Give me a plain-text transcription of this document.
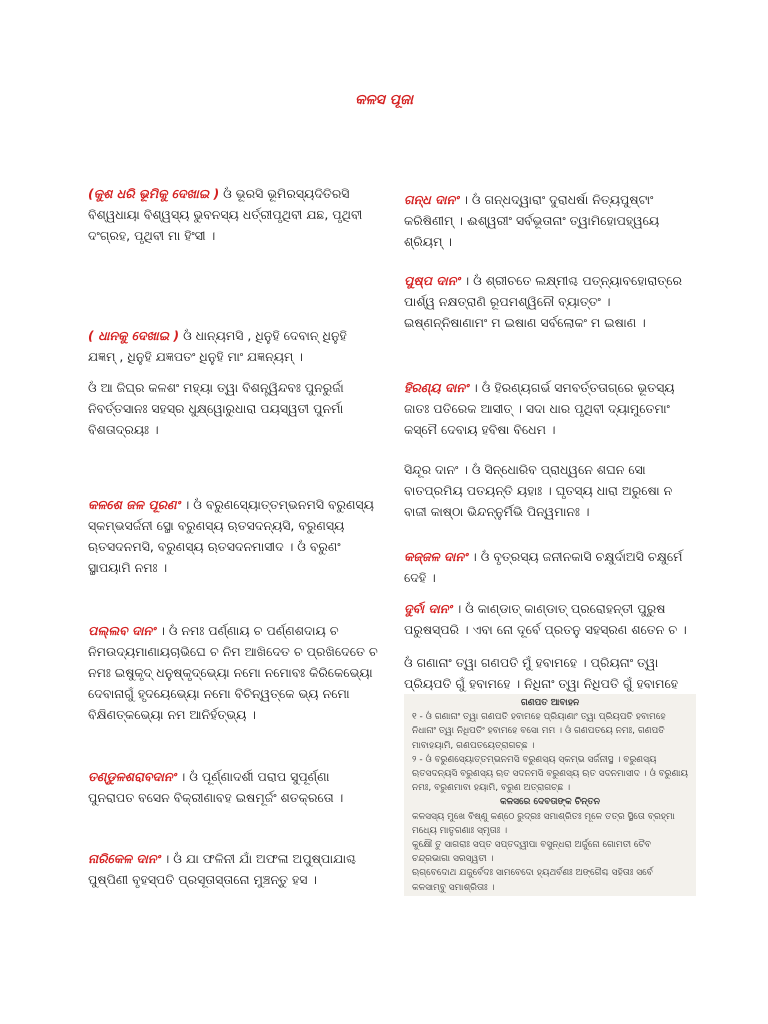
କଳସ ପୂଜା
(କୁଶ ଧରି ଭୂମିକୁ ଦେଖାଇ ) ଓଁ ଭୂରସି ଭୂମିରସ୍ୟଦିତିରସି ବିଶ୍ୱଧାୟା ବିଶ୍ୱସ୍ୟ ଭୁବନସ୍ୟ ଧର୍ତ୍ରୀପୃଥିବୀ ଯଛ, ପୃଥିବୀ ଦଂଗ୍ରହ, ପୃଥିବୀ ମା ହିଂସୀ ।
( ଧାନକୁ ଦେଖାଇ ) ଓଁ ଧାନ୍ୟମସି , ଧିନୁହି ଦେବାନ୍ ଧିନୁହି ଯଜ୍ଞମ୍ , ଧିନୁହି ଯଜ୍ଞପତଂ ଧିନୁହି ମାଂ ଯଜ୍ଞନ୍ୟମ୍ ।
ଓଁ ଆ ଜିଘ୍ର କଳଶଂ ମହ୍ୟା ତ୍ୱା ବିଶନ୍ତ୍ୱିନ୍ଦବଃ ପୁନରୁର୍ଜା ନିବର୍ତ୍ତସାନଃ ସହସ୍ର ଧୁକ୍ଷ୍ୱୋରୁଧାରା ପୟସ୍ୱତୀ ପୁନର୍ମା ବିଶତାଦ୍ରୟଃ ।
କଳଶେ ଜଳ ପୂରଣଂ । ଓଁ ବରୁଣସ୍ୟୋତ୍ତମ୍ଭନମସି ବରୁଣସ୍ୟ ସ୍କମ୍ଭସର୍ଜନୀ ସ୍ଥୋ ବରୁଣସ୍ୟ ଋତସଦନ୍ୟସି, ବରୁଣସ୍ୟ ଋତସଦନମସି, ବରୁଣସ୍ୟ ଋତସଦନମାସୀଦ । ଓଁ ବରୁଣଂ ସ୍ଥାପୟାମି ନମଃ ।
ପଲ୍ଲବ ଦାନଂ । ଓଁ ନମଃ ପର୍ଣ୍ଣାୟ ଚ ପର୍ଣ୍ଣଶଦାୟ ଚ ନିମଉଦ୍ୟମାଣାୟଚାଭିଘେ ଚ ନିମ ଆଖିଦେତ ଚ ପ୍ରଖିଦେତେ ଚ ନମଃ ଇଷୁକୃଦ୍ ଧନୁଷ୍କୃଦ୍‌ଭ୍ୟୋ ନମୋ ନମୋବଃ କିରିକେଭ୍ୟୋ ଦେବାନାଗୁଁ ହୃଦୟେଭ୍ୟୋ ନମୋ ବିଚିନ୍ୱତ୍କେ ଭ୍ୟ ନମୋ ବିକ୍ଷିଣତ୍କଭ୍ୟୋ ନମ ଆନିର୍ହତ୍ଭ୍ୟ ।
ତଣ୍ଡୁଳଶରାବଦାନଂ । ଓଁ ପୂର୍ଣ୍ଣାଦର୍ଶୀ ପରାପ ସୁପୂର୍ଣ୍ଣା ପୁନରାପତ ବସେନ ବିକ୍ରୀଣାବହ ଇଷମୂର୍ଜଂ ଶତକ୍ରତୋ ।
ନାରିକେଳ ଦାନଂ । ଓଁ ଯା ଫଳିନୀ ଯାଁ ଅଫଳା ଅପୁଷ୍ପାଯାଶ୍ଚ ପୁଷ୍ପିଣୀ ବୃହସ୍ପତି ପ୍ରସୂତାସ୍ତାନୋ ମୁଞ୍ଚନ୍ତୁ ହସ ।
ଗନ୍ଧ ଦାନଂ । ଓଁ ଗନ୍ଧଦ୍ୱାରାଂ ଦୁରାଧର୍ଷା ନିତ୍ୟପୁଷ୍ଟାଂ କରିଷିଣୀମ୍ । ଈଶ୍ୱରୀଂ ସର୍ବଭୂତାନାଂ ତ୍ୱାମିହୋପହ୍ୱୟେ ଶ୍ରିୟମ୍ ।
ପୁଷ୍ପ ଦାନଂ । ଓଁ ଶ୍ରୀଚତେ ଲକ୍ଷ୍ମୀଶ୍ଚ ପତ୍ନ୍ୟାବହୋରାତ୍ରେ ପାର୍ଶ୍ୱ ନକ୍ଷତ୍ରାଣି ରୂପମଶ୍ୱିନୌ ବ୍ୟାତ୍ତଂ । ଇଷ୍ଣନ୍ନିଷାଣାମଂ ମ ଇଷାଣ ସର୍ବଲୋକଂ ମ ଇଷାଣ ।
ହିରଣ୍ୟ ଦାନଂ । ଓଁ ହିରଣ୍ୟଗର୍ଭ ସମବର୍ତ୍ତତାଗ୍ରେ ଭୂତସ୍ୟ ଜାତଃ ପତିରେକ ଆସୀତ୍ । ସଦା ଧାର ପୃଥିବୀ ଦ୍ୟାମୁତେମାଂ କସ୍ମୈ ଦେବାୟ ହବିଷା ବିଧେମ ।
ସିନ୍ଦୂର ଦାନଂ । ଓଁ ସିନ୍ଧୋରିବ ପ୍ରାଧ୍ୱନେ ଶଘନ ସୋ ବାତପ୍ରମିୟ ପତୟନ୍ତି ୟହାଃ । ଘୃତସ୍ୟ ଧାରା ଅରୁଷୋ ନ ବାଜୀ କାଷ୍ଠା ଭିନ୍ଦନ୍ନୁର୍ମିଭି ପିନ୍ୱମାନଃ ।
କଜ୍ଜଳ ଦାନଂ । ଓଁ ବୃତ୍ରସ୍ୟ ଜନୀନକାସି ଚକ୍ଷୁର୍ଦାଅସି ଚକ୍ଷୁର୍ମେ ଦେହି ।
ଦୁର୍ବା ଦାନଂ । ଓଁ କାଣ୍ଡାତ୍ କାଣ୍ଡାତ୍ ପ୍ରରୋହନ୍ତୀ ପୁରୁଷ ପରୁଷସ୍ପରି । ଏବା ନୋ ଦୂର୍ବେ ପ୍ରତନୁ ସହସ୍ରଣ ଶତେନ ଚ ।
ଓଁ ଗଣାନାଂ ତ୍ୱା ଗଣପତି ମୁଁ ହବାମହେ । ପ୍ରିୟନାଂ ତ୍ୱା ପ୍ରିୟପତି ଗୁଁ ହବାମହେ । ନିଧିନାଂ ତ୍ୱା ନିଧିପତି ଗୁଁ ହବାମହେ
ଗଣପତ ଆବାହନ

୧ - ଓଁ ଗଣାନାଂ ତ୍ୱା ଗଣପତି ହବାମହେ ପ୍ରିୟାଣାଂ ତ୍ୱା ପ୍ରିୟପତି ହବାମହେ ନିଧାନାଂ ତ୍ୱା ନିଧିପତିଂ ହବାମହେ ବସୋ ମମ । ଓଁ ଗଣପତୟେ ନମଃ, ଗଣପତି ମାବାହୟାମି, ଗଣପତୟେତ୍ରାଗଚ୍ଛ ।

୨ - ଓଁ ବରୁଣସ୍ୟୋତ୍ତମ୍ଭନମସି ବରୁଣସ୍ୟ ସ୍କମ୍ଭ ସର୍ଜନୀସ୍ଥ । ବରୁଣସ୍ୟ ଋତସଦନ୍ୟସି ବରୁଣସ୍ୟ ଋତ ସଦନମସି ବରୁଣସ୍ୟ ଋତ ସଦନମାସୀଦ । ଓଁ ବରୁଣାୟ ନମଃ, ବରୁଣମାବା ହୟାମି, ବରୁଣ ଅତ୍ରାଗଚ୍ଛ ।

କଳସରେ ଦେବତାଙ୍କ ଚିନ୍ତନ

କଳସସ୍ୟ ମୁଖେ ବିଷ୍ଣୁ କଣ୍ଠେ ରୁଦ୍ରଃ ସମାଶ୍ରିତଃ ମୂଳେ ତତ୍ର ସ୍ଥିତୋ ବ୍ରହ୍ମା ମଧ୍ୟେ ମାତୃଗଣାଃ ସ୍ମୃତାଃ ।

କୁକ୍ଷୌ ତୁ ସାଗରାଃ ସପ୍ତ ସପ୍ତଦ୍ୱୀପା ବସୁନ୍ଧରା ଅର୍ଜୁନୋ ଗୋମତୀ ଚୈବ ଚନ୍ଦ୍ରଭାଗା ସରସ୍ୱତୀ ।

ଋଗ୍ବେଦୋଥ ଯଜୁର୍ବେଦଃ ସାମବେଦୋ ହ୍ୟଥର୍ବଣଃ ଅଙ୍ଗୈଶ୍ଚ ସହିତାଃ ସର୍ବେ କଳସାମ୍ବୁ ସମାଶ୍ରିତାଃ ।
